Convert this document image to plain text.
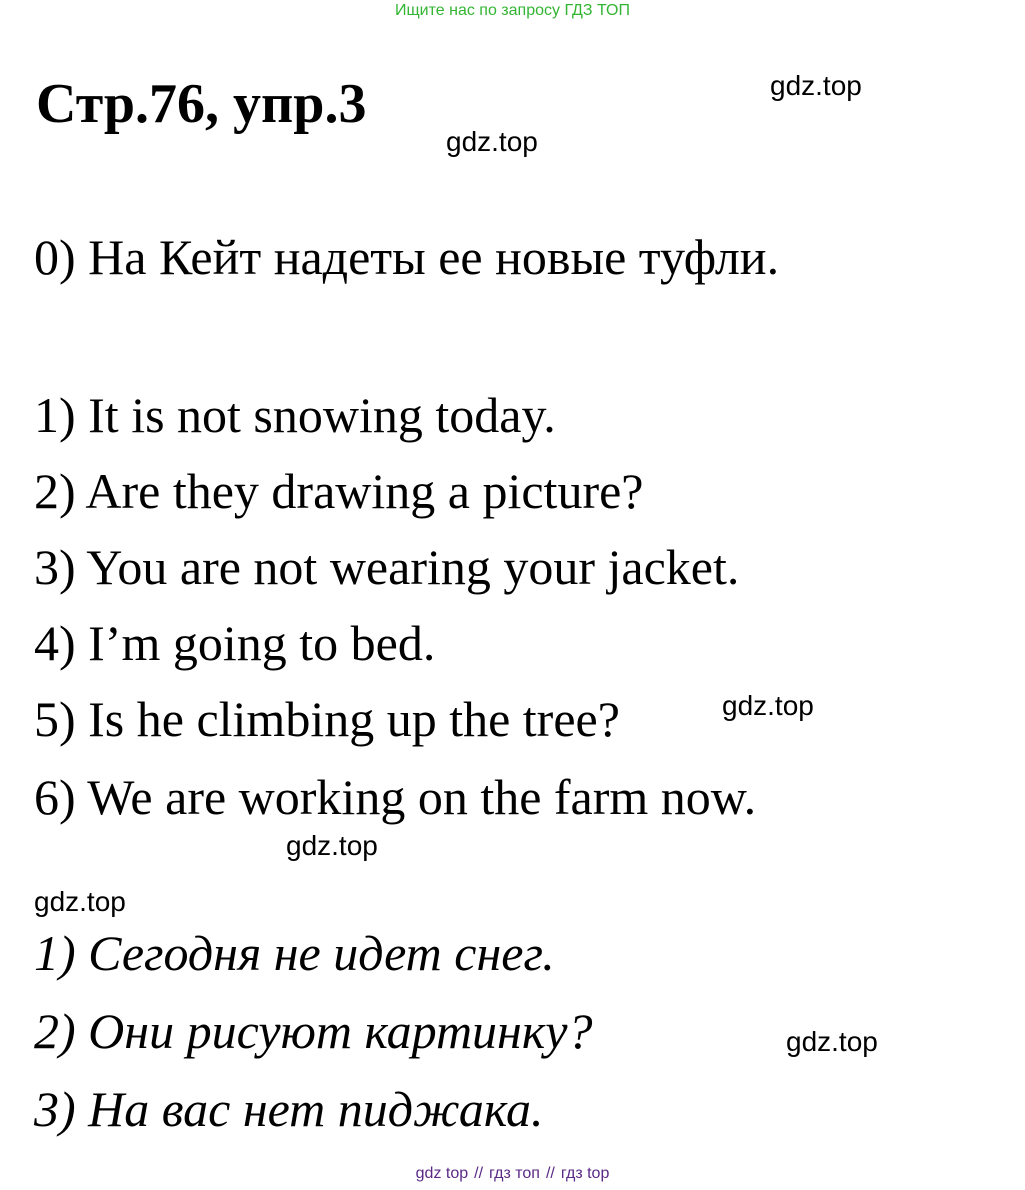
Ищите нас по запросу ГДЗ ТОП
Стр.76, упр.3	gdz.top
gdz.top
0) На Кейт надеты ее новые туфли.
1) It is not snowing today.
2) Are they drawing a picture?
3) You are not wearing your jacket.
4) I’m going to bed.
5) Is he climbing up the tree?
6) We are working on the farm now.
gdz.top
gdz.top
gdz.top
1) Сегодня не идет снег.
2) Они рисуют картинку?
3) На вас нет пиджака.
gdz.top
gdz top // гдз топ // гдз top
